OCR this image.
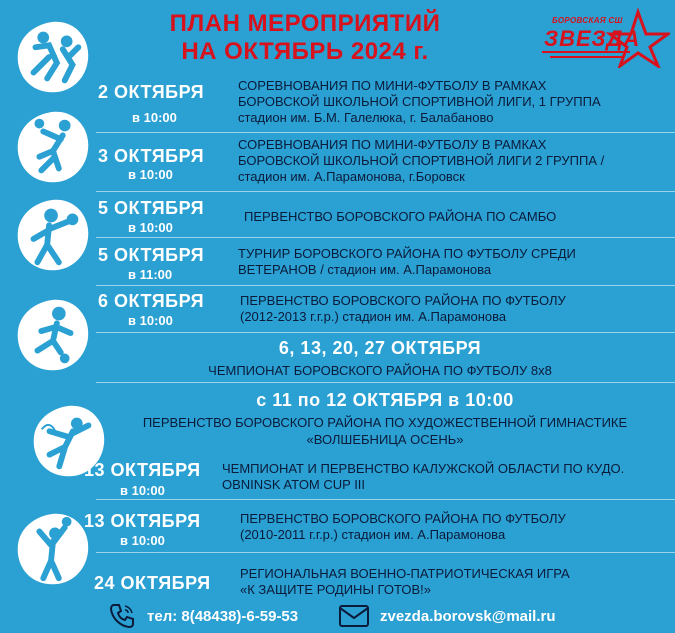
ПЛАН МЕРОПРИЯТИЙ
НА ОКТЯБРЬ 2024 г.
БОРОВСКАЯ СШ
ЗВЕЗДА
2 ОКТЯБРЯ
в 10:00
СОРЕВНОВАНИЯ ПО МИНИ-ФУТБОЛУ В РАМКАХ
БОРОВСКОЙ ШКОЛЬНОЙ СПОРТИВНОЙ ЛИГИ, 1 ГРУППА
стадион им. Б.М. Галелюка, г. Балабаново
3 ОКТЯБРЯ
в 10:00
СОРЕВНОВАНИЯ ПО МИНИ-ФУТБОЛУ В РАМКАХ
БОРОВСКОЙ ШКОЛЬНОЙ СПОРТИВНОЙ ЛИГИ 2 ГРУППА /
стадион им. А.Парамонова, г.Боровск
5 ОКТЯБРЯ
в 10:00
ПЕРВЕНСТВО БОРОВСКОГО РАЙОНА ПО САМБО
5 ОКТЯБРЯ
в 11:00
ТУРНИР БОРОВСКОГО РАЙОНА ПО ФУТБОЛУ СРЕДИ
ВЕТЕРАНОВ / стадион им. А.Парамонова
6 ОКТЯБРЯ
в 10:00
ПЕРВЕНСТВО БОРОВСКОГО РАЙОНА ПО ФУТБОЛУ
(2012-2013 г.г.р.) стадион им. А.Парамонова
6, 13, 20, 27 ОКТЯБРЯ
ЧЕМПИОНАТ БОРОВСКОГО РАЙОНА ПО ФУТБОЛУ 8х8
с 11 по 12 ОКТЯБРЯ в 10:00
ПЕРВЕНСТВО БОРОВСКОГО РАЙОНА ПО ХУДОЖЕСТВЕННОЙ ГИМНАСТИКЕ
«ВОЛШЕБНИЦА ОСЕНЬ»
13 ОКТЯБРЯ
в 10:00
ЧЕМПИОНАТ И ПЕРВЕНСТВО КАЛУЖСКОЙ ОБЛАСТИ ПО КУДО.
OBNINSK ATOM CUP III
13 ОКТЯБРЯ
в 10:00
ПЕРВЕНСТВО БОРОВСКОГО РАЙОНА ПО ФУТБОЛУ
(2010-2011 г.г.р.) стадион им. А.Парамонова
24 ОКТЯБРЯ РЕГИОНАЛЬНАЯ ВОЕННО-ПАТРИОТИЧЕСКАЯ ИГРА
«К ЗАЩИТЕ РОДИНЫ ГОТОВ!»
тел: 8(48438)-6-59-53	zvezda.borovsk@mail.ru
